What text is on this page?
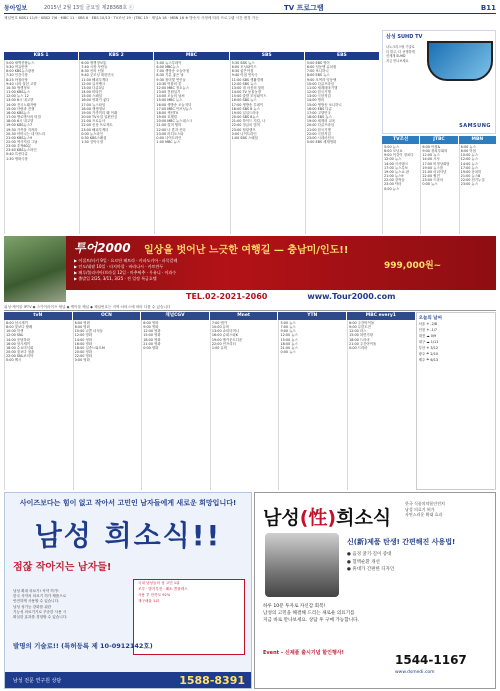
동아일보	2015년 2월 13일 금요일 제28368호 ⓒ	TV 프로그램	B11
채널번호 KBS1 11/9 · KBS2 7/6 · MBC 11 · SBS 6 · EBS 10/13 · TV조선 19 · JTBC 15 · 채널A 18 · MBN 16 ※ 방송사 사정에 따라 프로그램 시간 변경 가능
KBS 1
5:00 새벽종합뉴스
5:30 여유만만
6:00 KBS뉴스광장
7:30 인간극장
8:25 아침마당
9:40 나의 살던 고향
10:30 생생정보
11:00 KBS뉴스
12:00 뉴스 12
13:00 6시 내고향
14:00 전국노래자랑
15:00 사랑과 전쟁
16:00 KBS뉴스
17:00 생로병사의 비밀
18:00 6시 내고향
19:00 KBS뉴스7
19:30 가족을 지켜라
20:30 어머니는 내 며느리
21:00 KBS뉴스9
22:00 역사저널 그날
23:00 추적60분
23:40 KBS뉴스라인
0:40 특선다큐
1:30 명화극장
KBS 2
6:00 생생정보통
7:40 시장 사람들
8:30 신의 선물
9:40 굿모닝 대한민국
11:00 해피투게더
12:00 뮤직뱅크
13:00 다큐3일
14:00 비타민
15:00 스페셜
16:00 영화가 좋다
17:00 뉴스타임
18:00 생생정보
19:00 가족끼리 왜 이래
20:00 TV소설 일편단심
21:00 프로듀사
22:00 신상 프로젝트
23:00 해피투게더
0:00 뉴스라인
0:30 KBS스페셜
1:30 심야극장
MBC
5:00 뉴스투데이
6:00 MBC뉴스
7:00 생방송 오늘아침
8:30 기분 좋은 날
9:30 장미빛 연인들
10:30 여왕의 꽃
12:00 MBC 정오뉴스
13:00 전원일기
14:00 오늘의 날씨
15:00 MBC 뉴스
16:00 생방송 오늘저녁
17:00 MBC 이브닝뉴스
18:00 섹션TV
19:00 호텔킹
20:00 MBC 뉴스데스크
21:00 킬미 힐미
22:00 나 혼자 산다
23:00 라디오스타
0:00 나이트라인
1:00 MBC 뉴스
SBS
5:30 SBS 뉴스
6:00 모닝와이드
8:30 좋은아침
9:40 아침 연속극
11:00 SBS 생활경제
12:00 SBS 뉴스
13:00 내 마음의 꽃비
14:00 TV 동물농장
15:00 출발 모닝와이드
16:00 SBS 뉴스
17:00 생방송 투데이
18:00 SBS 8 뉴스
19:00 일일드라마
20:00 SBS 8뉴스
21:00 하이드 지킬, 나
22:00 정글의 법칙
23:00 힐링캠프
0:00 나이트라인
1:00 SBS 스페셜
EBS
5:00 EBS 영어
6:00 딩동댕 유치원
7:00 보니하니
8:00 EBS 뉴스
9:00 모여라 딩동댕
10:00 다큐프라임
11:00 세계테마기행
12:00 한국기행
13:00 극한직업
14:00 명의
15:00 생방송 보니하니
16:00 EBS 다큐
17:00 고향민국
18:00 EBS 뉴스
19:00 세계의 교육
20:00 다큐프라임
21:00 한국기행
22:00 극한직업
23:00 시네마천국
0:00 EBS 세계영화
삼성 SUHD TV
나노크리스탈 기술로
더 밝고, 더 선명하게
신세계 SUHD
지금 만나보세요
SAMSUNG
TV조선
5:00 뉴스
6:00 모닝쇼
9:00 이것이 정치다
12:00 뉴스
14:00 시사탱크
17:00 뉴스특보
19:00 뉴스쇼 판
21:00 뉴스9
22:00 강적들
23:00 닥터
0:00 뉴스
JTBC
6:00 아침&
9:00 정치부회의
12:00 뉴스
14:00 시사
17:00 비정상회담
19:00 뉴스룸
21:00 마녀사냥
22:00 썰전
23:00 드라마
0:00 뉴스
MBN
6:00 뉴스
8:00 아침
10:00 뉴스
12:00 뉴스
14:00 뉴스
17:00 뉴스
19:00 동치미
21:00 뉴스8
22:00 천기누설
23:00 뉴스
투어2000 일상을 벗어난 느긋한 여행길 — 충남미/인도!!
▶ 이집트/터키 9일 · 요르단 페트라 · 카파도키아 · 파묵칼레
▶ 인도/네팔 10일 · 타지마할 · 바라나시 · 카트만두
▶ 페루/볼리비아/브라질 12일 · 마추픽추 · 우유니 · 이과수
▶ 출발일 2/25, 3/11, 3/25 · 전 일정 특급호텔
999,000원~
TEL.02-2021-2060	www.Tour2000.com
위성·케이블 IPTV ◆ 스카이라이프 채널 ◆ 케이블 채널 ◆ 채널번호는 지역·서비스에 따라 다를 수 있습니다
tvN
6:00 삼시세끼
8:00 꽃보다 할배
10:00 미생
12:00 SNL
14:00 응답하라
16:00 삼시세끼
18:00 수요미식회
20:00 꽃보다 청춘
22:00 SNL코리아
0:00 택시
OCN
6:00 영화
8:00 영화
10:00 나쁜 녀석들
12:00 영화
14:00 영화
16:00 영화
18:00 실종느와르M
20:00 영화
22:00 영화
0:00 영화
채널CGV
6:00 영화
9:00 영화
12:00 영화
15:00 영화
18:00 영화
21:00 영화
0:00 영화
Mnet
7:00 엠카
10:00 뮤비
13:00 쇼미더머니
16:00 슈퍼스타K
19:00 엠카운트다운
22:00 언프리티
1:00 뮤비
YTN
5:00 뉴스
7:00 뉴스
9:00 뉴스
12:00 뉴스
15:00 뉴스
18:00 뉴스
21:00 뉴스
0:00 뉴스
MBC every1
6:00 주간아이돌
9:00 무한도전
12:00 라스
15:00 복면가왕
18:00 드라마
21:00 주간아이돌
0:00 드라마
오늘의 날씨
서울 ☀ -2/8
인천 ☀ -1/7
대전 ☁ 0/9
대구 ☁ 1/11
부산 ☀ 3/12
광주 ☂ 2/10
제주 ☂ 6/13
사이즈보다는 힘이 없고 작아서 고민인 남자들에게 새로운 희망입니다!
남성 희소식!!
점잖 작아지는 남자들!
남성 확대 의료기! 삭약 허가!
한국 식약처 의료기 허가 제품으로
안전하게 사용할 수 있습니다.
남성 성기능 강화를 위한
기능성 의료기기로 꾸준한 사용 시
확실한 효과를 경험할 수 있습니다.
국내 남성들의 성 고민 1위
조루 · 발기부전 · 왜소 콤플렉스
사용 후 만족도 92%
재구매율 1위
발명의 기술로!! (특허등록 제 10-0912142호)
남성 전문 연구원 상담	1588-8391
남성(性)희소식
한국 식품의약품안전처
남성 의료기 허가
자연스러운 확대 효과
신(新)제품 탄생! 간편해진 사용법!
● 음경 굵기·길이 증대
● 혈액순환 개선
● 휴대가 간편한 디자인
하루 10분 투자로 자신감 회복!
남성의 고민을 해결해 드리는 새로운 의료기를
지금 바로 만나보세요. 상담 후 구매 가능합니다.
Event – 신제품 출시기념 할인행사!	1544-1167
www.dsmedi.com
